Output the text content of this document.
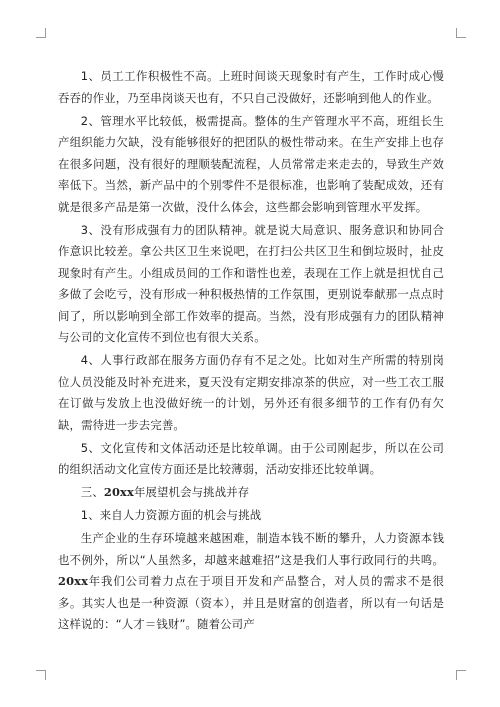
1、员工工作积极性不高。上班时间谈天现象时有产生，工作时成心慢吞吞的作业，乃至串岗谈天也有，不只自己没做好，还影响到他人的作业。

2、管理水平比较低，极需提高。整体的生产管理水平不高，班组长生产组织能力欠缺，没有能够很好的把团队的极性带动来。在生产安排上也存在很多问题，没有很好的理顺装配流程，人员常常走来走去的，导致生产效率低下。当然，新产品中的个别零件不是很标准，也影响了装配成效，还有就是很多产品是第一次做，没什么体会，这些都会影响到管理水平发挥。

3、没有形成强有力的团队精神。就是说大局意识、服务意识和协同合作意识比较差。拿公共区卫生来说吧，在打扫公共区卫生和倒垃圾时，扯皮现象时有产生。小组成员间的工作和谐性也差，表现在工作上就是担忧自己多做了会吃亏，没有形成一种积极热情的工作氛围，更别说奉献那一点点时间了，所以影响到全部工作效率的提高。当然，没有形成强有力的团队精神与公司的文化宣传不到位也有很大关系。

4、人事行政部在服务方面仍存有不足之处。比如对生产所需的特别岗位人员没能及时补充进来，夏天没有定期安排凉茶的供应，对一些工衣工服在订做与发放上也没做好统一的计划，另外还有很多细节的工作有仍有欠缺，需待进一步去完善。

5、文化宣传和文体活动还是比较单调。由于公司刚起步，所以在公司的组织活动文化宣传方面还是比较薄弱，活动安排还比较单调。

三、20xx年展望机会与挑战并存

1、来自人力资源方面的机会与挑战

生产企业的生存环境越来越困难，制造本钱不断的攀升，人力资源本钱也不例外，所以“人虽然多，却越来越难招”这是我们人事行政同行的共鸣。20xx年我们公司着力点在于项目开发和产品整合，对人员的需求不是很多。其实人也是一种资源（资本），并且是财富的创造者，所以有一句话是这样说的：“人才＝钱财”。随着公司产
